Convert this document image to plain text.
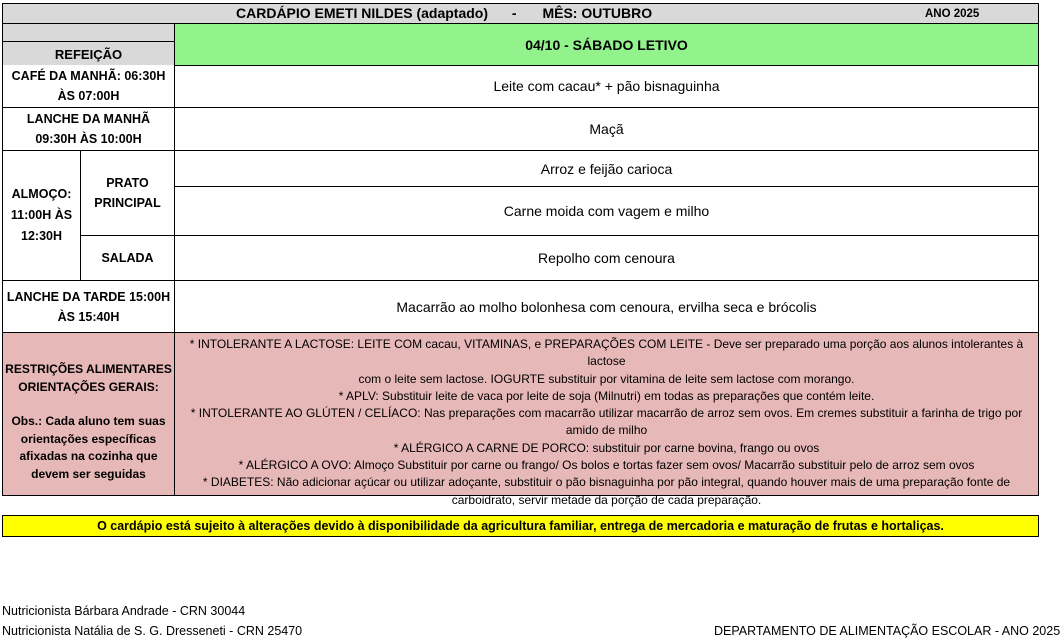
CARDÁPIO EMETI NILDES (adaptado) - MÊS: OUTUBRO	ANO 2025
REFEIÇÃO
04/10 - SÁBADO LETIVO
CAFÉ DA MANHÃ: 06:30H
ÀS 07:00H
Leite com cacau* + pão bisnaguinha
LANCHE DA MANHÃ
09:30H ÀS 10:00H
Maçã
ALMOÇO:
11:00H ÀS
12:30H
PRATO
PRINCIPAL
SALADA
Arroz e feijão carioca
Carne moida com vagem e milho
Repolho com cenoura
LANCHE DA TARDE 15:00H
ÀS 15:40H
Macarrão ao molho bolonhesa com cenoura, ervilha seca e brócolis
RESTRIÇÕES ALIMENTARES
ORIENTAÇÕES GERAIS:
Obs.: Cada aluno tem suas
orientações específicas
afixadas na cozinha que
devem ser seguidas
* INTOLERANTE A LACTOSE: LEITE COM cacau, VITAMINAS, e PREPARAÇÕES COM LEITE - Deve ser preparado uma porção aos alunos intolerantes à lactose
com o leite sem lactose. IOGURTE substituir por vitamina de leite sem lactose com morango.
* APLV: Substituir leite de vaca por leite de soja (Milnutri) em todas as preparações que contém leite.
* INTOLERANTE AO GLÚTEN / CELÍACO: Nas preparações com macarrão utilizar macarrão de arroz sem ovos. Em cremes substituir a farinha de trigo por
amido de milho
* ALÉRGICO A CARNE DE PORCO: substituir por carne bovina, frango ou ovos
* ALÉRGICO A OVO: Almoço Substituir por carne ou frango/ Os bolos e tortas fazer sem ovos/ Macarrão substituir pelo de arroz sem ovos
* DIABETES: Não adicionar açúcar ou utilizar adoçante, substituir o pão bisnaguinha por pão integral, quando houver mais de uma preparação fonte de
carboidrato, servir metade da porção de cada preparação.
O cardápio está sujeito à alterações devido à disponibilidade da agricultura familiar, entrega de mercadoria e maturação de frutas e hortaliças.
Nutricionista Bárbara Andrade - CRN 30044
Nutricionista Natália de S. G. Dresseneti - CRN 25470	DEPARTAMENTO DE ALIMENTAÇÃO ESCOLAR - ANO 2025
